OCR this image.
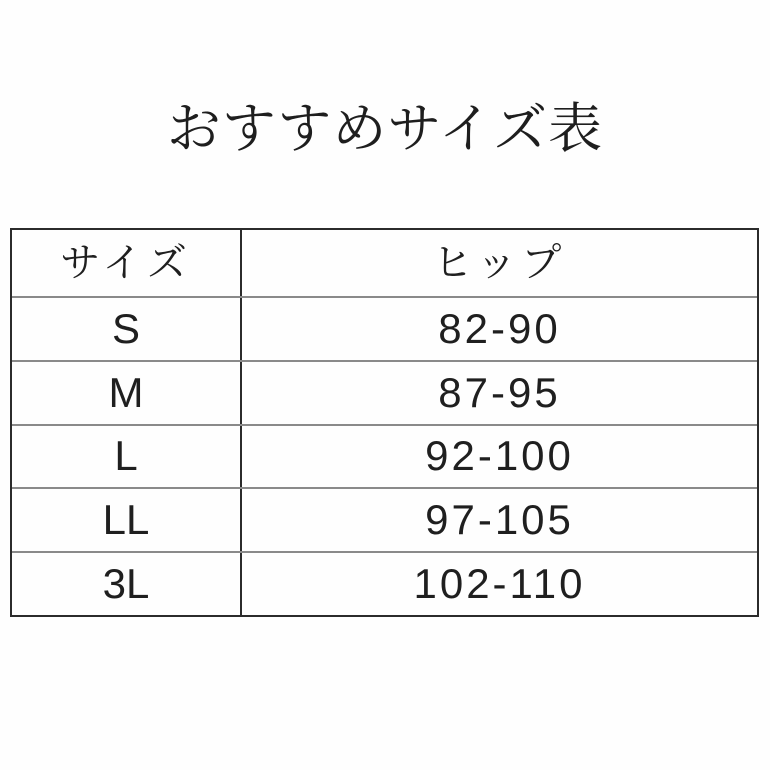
おすすめサイズ表
サイズ	ヒップ
S	82-90
M	87-95
L	92-100
LL	97-105
3L	102-110
